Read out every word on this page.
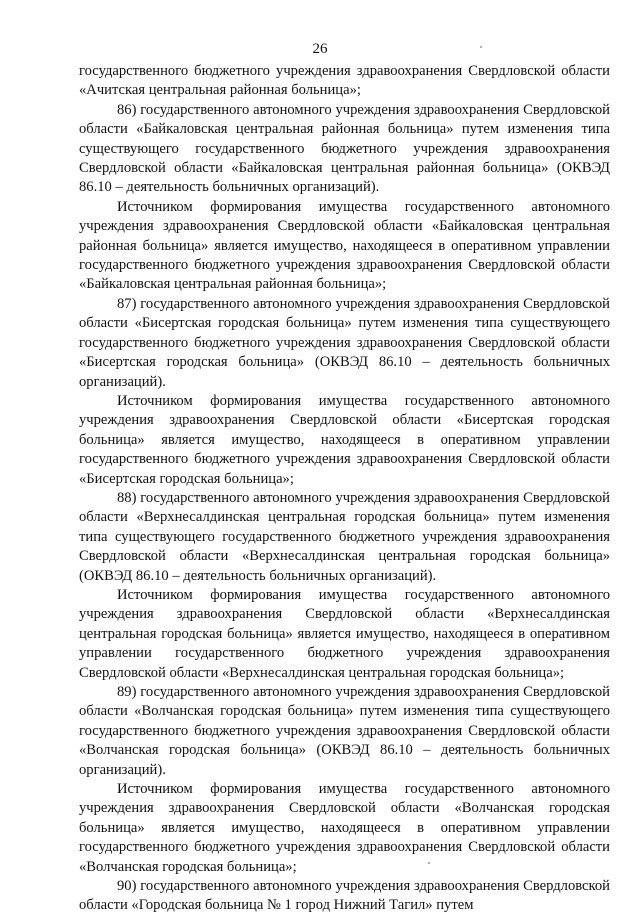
26

государственного бюджетного учреждения здравоохранения Свердловской области «Ачитская центральная районная больница»;

86) государственного автономного учреждения здравоохранения Свердловской области «Байкаловская центральная районная больница» путем изменения типа существующего государственного бюджетного учреждения здравоохранения Свердловской области «Байкаловская центральная районная больница» (ОКВЭД 86.10 – деятельность больничных организаций).

Источником формирования имущества государственного автономного учреждения здравоохранения Свердловской области «Байкаловская центральная районная больница» является имущество, находящееся в оперативном управлении государственного бюджетного учреждения здравоохранения Свердловской области «Байкаловская центральная районная больница»;

87) государственного автономного учреждения здравоохранения Свердловской области «Бисертская городская больница» путем изменения типа существующего государственного бюджетного учреждения здравоохранения Свердловской области «Бисертская городская больница» (ОКВЭД 86.10 – деятельность больничных организаций).

Источником формирования имущества государственного автономного учреждения здравоохранения Свердловской области «Бисертская городская больница» является имущество, находящееся в оперативном управлении государственного бюджетного учреждения здравоохранения Свердловской области «Бисертская городская больница»;

88) государственного автономного учреждения здравоохранения Свердловской области «Верхнесалдинская центральная городская больница» путем изменения типа существующего государственного бюджетного учреждения здравоохранения Свердловской области «Верхнесалдинская центральная городская больница» (ОКВЭД 86.10 – деятельность больничных организаций).

Источником формирования имущества государственного автономного учреждения здравоохранения Свердловской области «Верхнесалдинская центральная городская больница» является имущество, находящееся в оперативном управлении государственного бюджетного учреждения здравоохранения Свердловской области «Верхнесалдинская центральная городская больница»;

89) государственного автономного учреждения здравоохранения Свердловской области «Волчанская городская больница» путем изменения типа существующего государственного бюджетного учреждения здравоохранения Свердловской области «Волчанская городская больница» (ОКВЭД 86.10 – деятельность больничных организаций).

Источником формирования имущества государственного автономного учреждения здравоохранения Свердловской области «Волчанская городская больница» является имущество, находящееся в оперативном управлении государственного бюджетного учреждения здравоохранения Свердловской области «Волчанская городская больница»;

90) государственного автономного учреждения здравоохранения Свердловской области «Городская больница № 1 город Нижний Тагил» путем
